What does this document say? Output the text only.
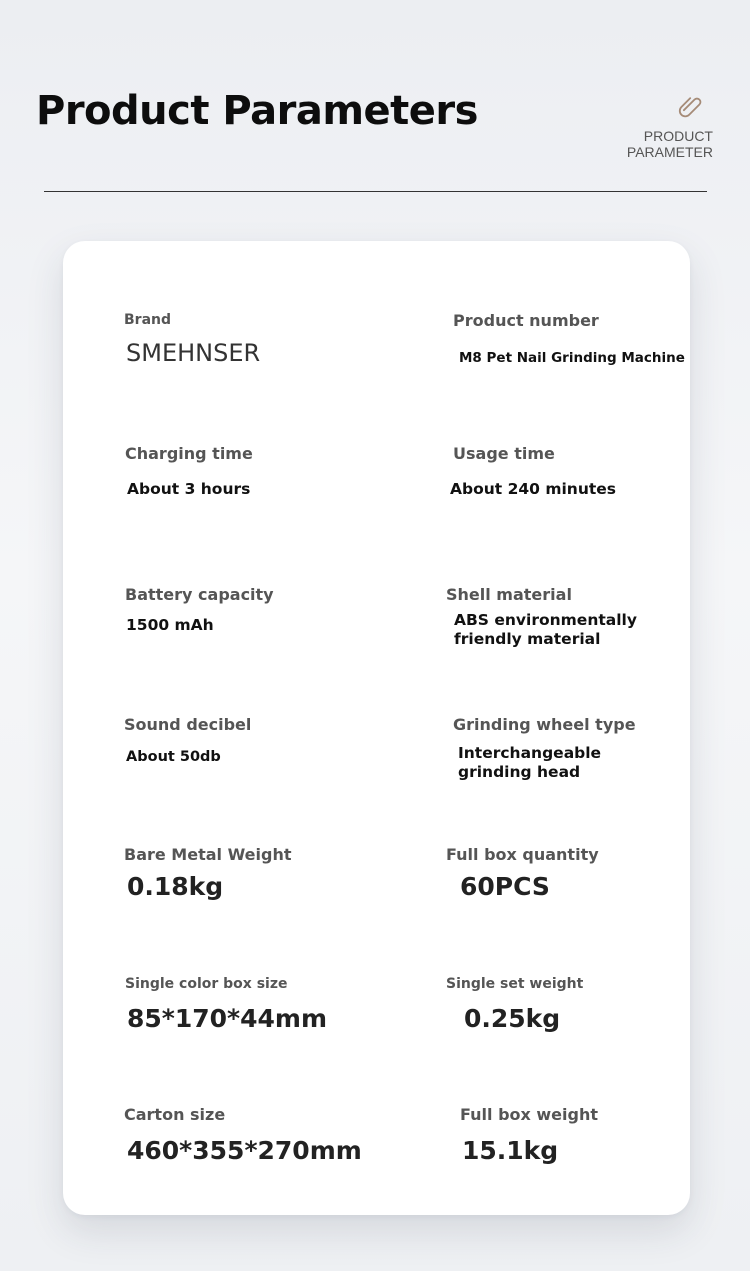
Product Parameters
PRODUCT
PARAMETER
Brand
SMEHNSER
Product number
M8 Pet Nail Grinding Machine
Charging time
About 3 hours
Usage time
About 240 minutes
Battery capacity
1500 mAh
Shell material
ABS environmentally
friendly material
Sound decibel
About 50db
Grinding wheel type
Interchangeable
grinding head
Bare Metal Weight
0.18kg
Full box quantity
60PCS
Single color box size
85*170*44mm
Single set weight
0.25kg
Carton size
460*355*270mm
Full box weight
15.1kg
